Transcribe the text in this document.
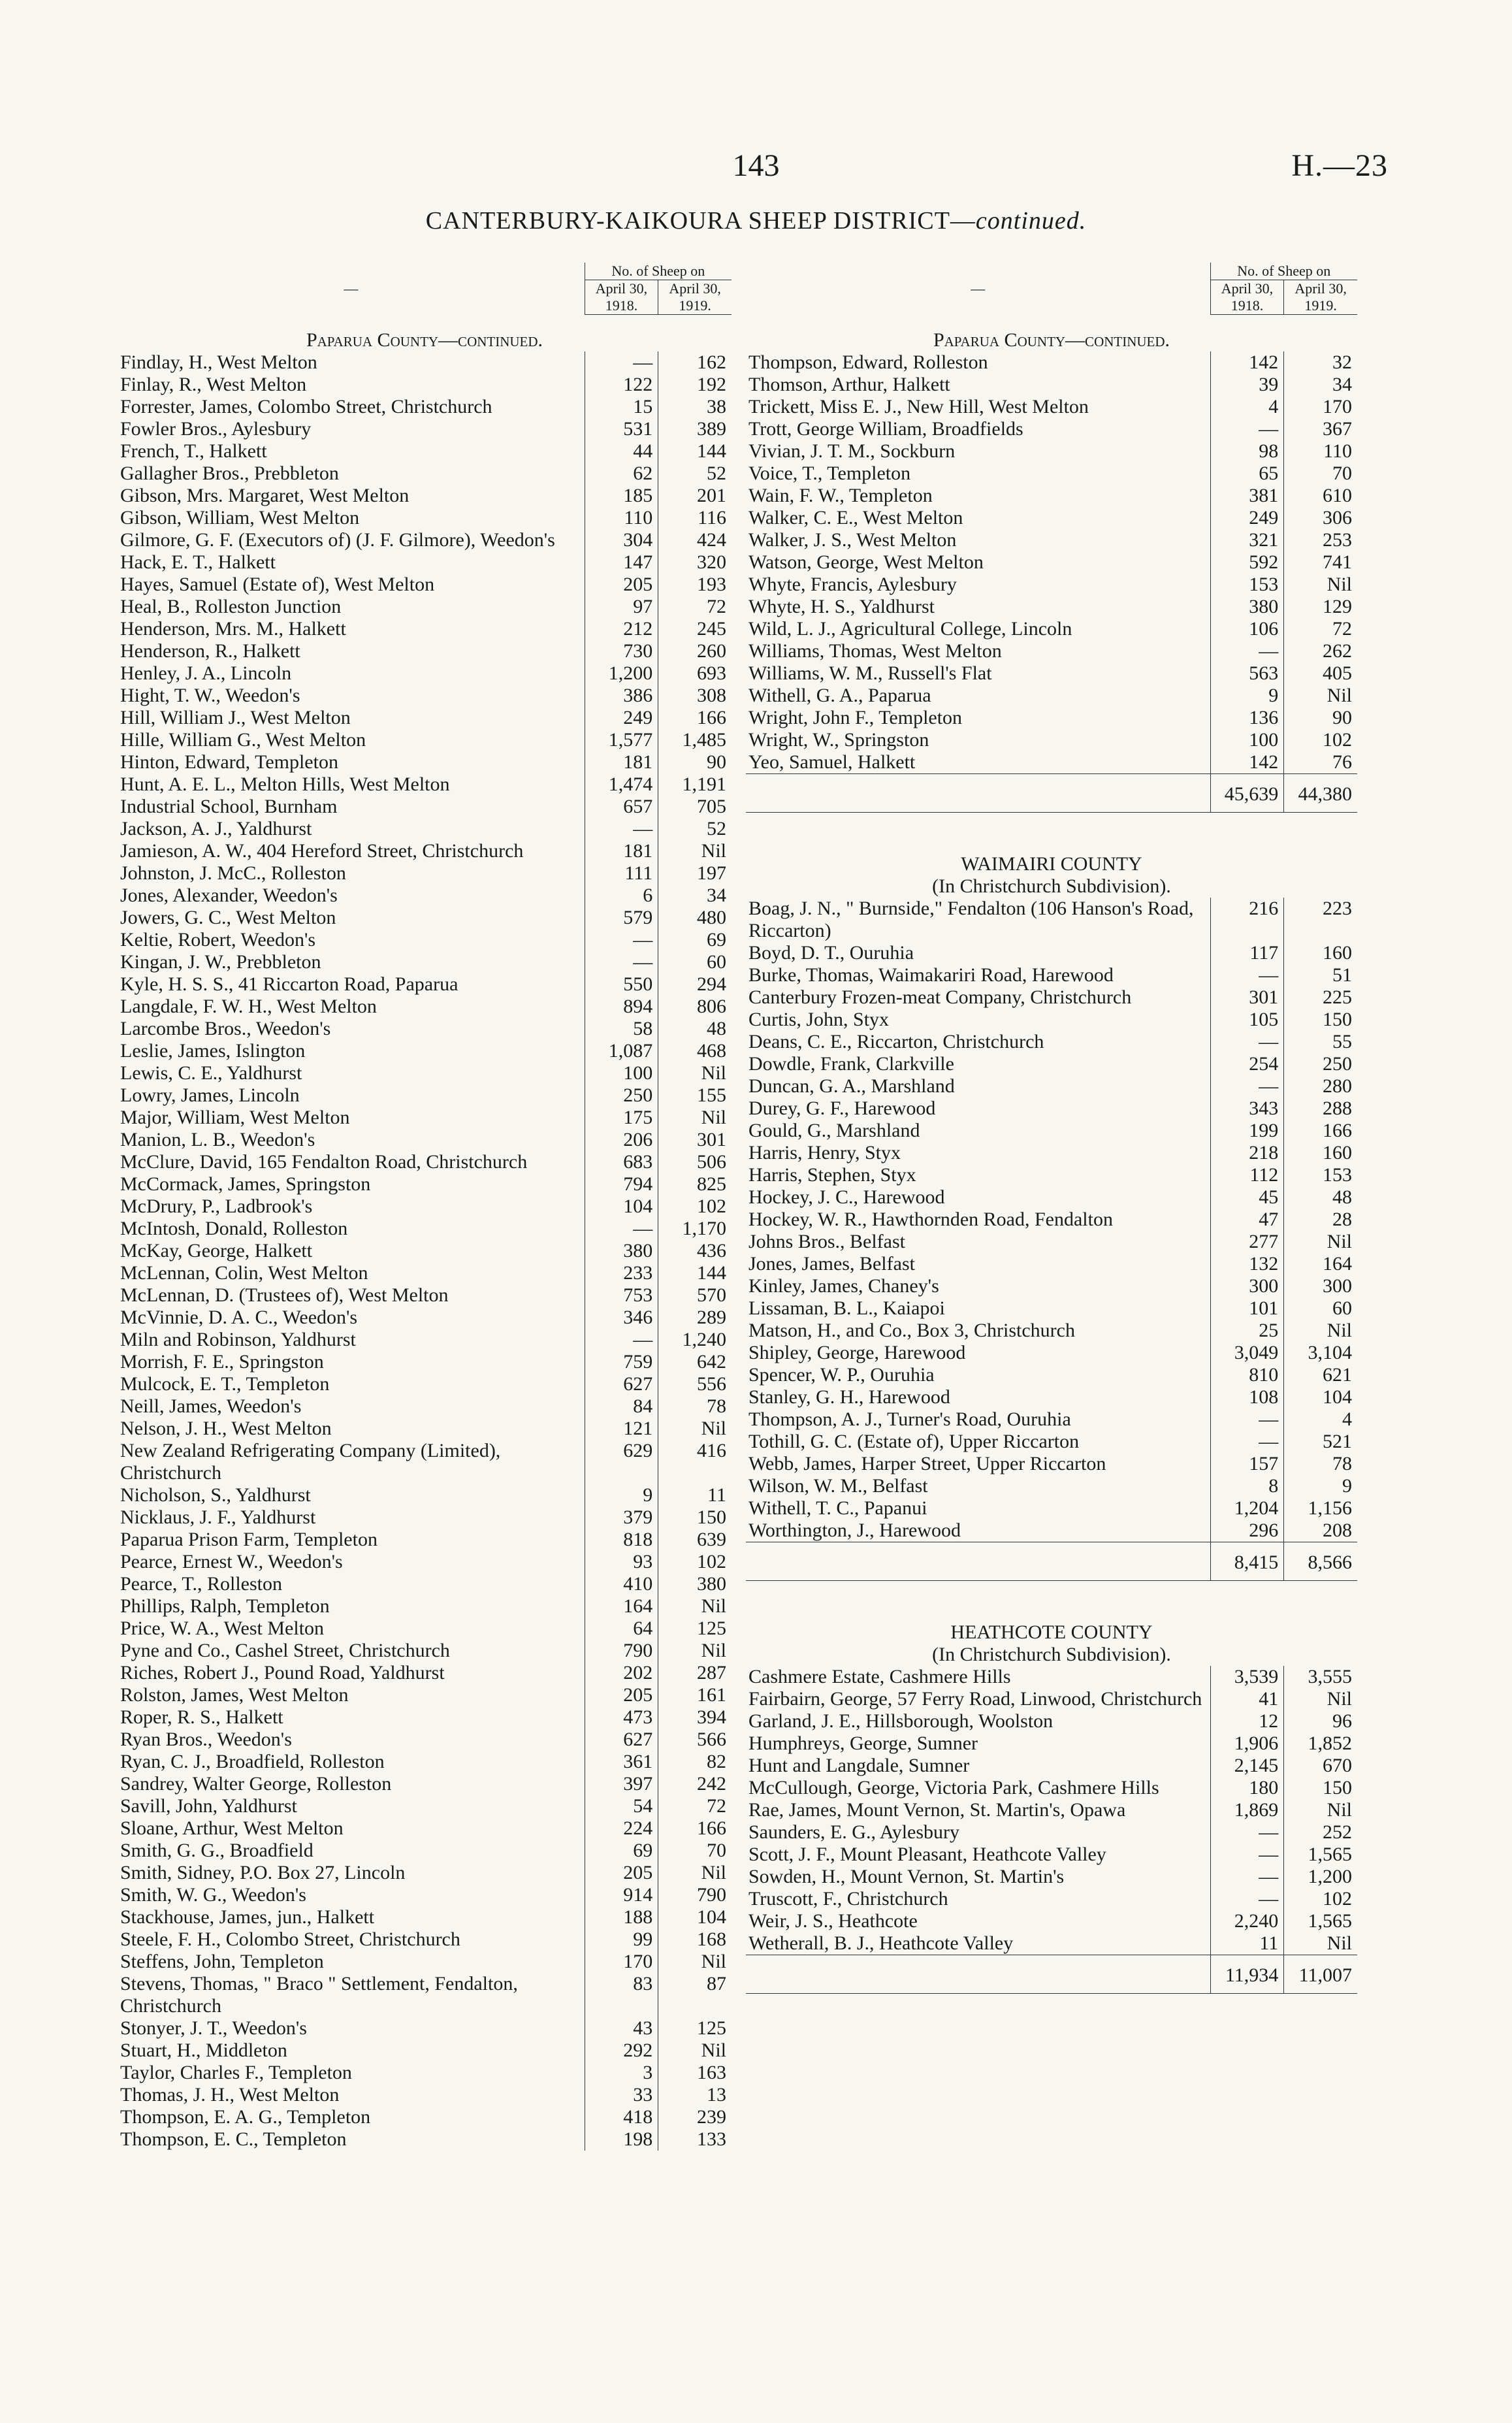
143	H.—23
CANTERBURY-KAIKOURA SHEEP DISTRICT—continued.
—	No. of Sheep on	
	April 30, 1918.	April 30, 1919.
Paparua County—continued.		
Findlay, H., West Melton	—	162
Finlay, R., West Melton	122	192
Forrester, James, Colombo Street, Christchurch	15	38
Fowler Bros., Aylesbury	531	389
French, T., Halkett	44	144
Gallagher Bros., Prebbleton	62	52
Gibson, Mrs. Margaret, West Melton	185	201
Gibson, William, West Melton	110	116
Gilmore, G. F. (Executors of) (J. F. Gilmore), Weedon's	304	424
Hack, E. T., Halkett	147	320
Hayes, Samuel (Estate of), West Melton	205	193
Heal, B., Rolleston Junction	97	72
Henderson, Mrs. M., Halkett	212	245
Henderson, R., Halkett	730	260
Henley, J. A., Lincoln	1,200	693
Hight, T. W., Weedon's	386	308
Hill, William J., West Melton	249	166
Hille, William G., West Melton	1,577	1,485
Hinton, Edward, Templeton	181	90
Hunt, A. E. L., Melton Hills, West Melton	1,474	1,191
Industrial School, Burnham	657	705
Jackson, A. J., Yaldhurst	—	52
Jamieson, A. W., 404 Hereford Street, Christchurch	181	Nil
Johnston, J. McC., Rolleston	111	197
Jones, Alexander, Weedon's	6	34
Jowers, G. C., West Melton	579	480
Keltie, Robert, Weedon's	—	69
Kingan, J. W., Prebbleton	—	60
Kyle, H. S. S., 41 Riccarton Road, Paparua	550	294
Langdale, F. W. H., West Melton	894	806
Larcombe Bros., Weedon's	58	48
Leslie, James, Islington	1,087	468
Lewis, C. E., Yaldhurst	100	Nil
Lowry, James, Lincoln	250	155
Major, William, West Melton	175	Nil
Manion, L. B., Weedon's	206	301
McClure, David, 165 Fendalton Road, Christchurch	683	506
McCormack, James, Springston	794	825
McDrury, P., Ladbrook's	104	102
McIntosh, Donald, Rolleston	—	1,170
McKay, George, Halkett	380	436
McLennan, Colin, West Melton	233	144
McLennan, D. (Trustees of), West Melton	753	570
McVinnie, D. A. C., Weedon's	346	289
Miln and Robinson, Yaldhurst	—	1,240
Morrish, F. E., Springston	759	642
Mulcock, E. T., Templeton	627	556
Neill, James, Weedon's	84	78
Nelson, J. H., West Melton	121	Nil
New Zealand Refrigerating Company (Limited), Christchurch	629	416
Nicholson, S., Yaldhurst	9	11
Nicklaus, J. F., Yaldhurst	379	150
Paparua Prison Farm, Templeton	818	639
Pearce, Ernest W., Weedon's	93	102
Pearce, T., Rolleston	410	380
Phillips, Ralph, Templeton	164	Nil
Price, W. A., West Melton	64	125
Pyne and Co., Cashel Street, Christchurch	790	Nil
Riches, Robert J., Pound Road, Yaldhurst	202	287
Rolston, James, West Melton	205	161
Roper, R. S., Halkett	473	394
Ryan Bros., Weedon's	627	566
Ryan, C. J., Broadfield, Rolleston	361	82
Sandrey, Walter George, Rolleston	397	242
Savill, John, Yaldhurst	54	72
Sloane, Arthur, West Melton	224	166
Smith, G. G., Broadfield	69	70
Smith, Sidney, P.O. Box 27, Lincoln	205	Nil
Smith, W. G., Weedon's	914	790
Stackhouse, James, jun., Halkett	188	104
Steele, F. H., Colombo Street, Christchurch	99	168
Steffens, John, Templeton	170	Nil
Stevens, Thomas, " Braco " Settlement, Fendalton, Christchurch	83	87
Stonyer, J. T., Weedon's	43	125
Stuart, H., Middleton	292	Nil
Taylor, Charles F., Templeton	3	163
Thomas, J. H., West Melton	33	13
Thompson, E. A. G., Templeton	418	239
Thompson, E. C., Templeton	198	133
—	No. of Sheep on	
	April 30, 1918.	April 30, 1919.
Paparua County—continued.		
Thompson, Edward, Rolleston	142	32
Thomson, Arthur, Halkett	39	34
Trickett, Miss E. J., New Hill, West Melton	4	170
Trott, George William, Broadfields	—	367
Vivian, J. T. M., Sockburn	98	110
Voice, T., Templeton	65	70
Wain, F. W., Templeton	381	610
Walker, C. E., West Melton	249	306
Walker, J. S., West Melton	321	253
Watson, George, West Melton	592	741
Whyte, Francis, Aylesbury	153	Nil
Whyte, H. S., Yaldhurst	380	129
Wild, L. J., Agricultural College, Lincoln	106	72
Williams, Thomas, West Melton	—	262
Williams, W. M., Russell's Flat	563	405
Withell, G. A., Paparua	9	Nil
Wright, John F., Templeton	136	90
Wright, W., Springston	100	102
Yeo, Samuel, Halkett	142	76
	45,639	44,380

WAIMAIRI COUNTY		
(In Christchurch Subdivision).		
Boag, J. N., " Burnside," Fendalton (106 Hanson's Road, Riccarton)	216	223
Boyd, D. T., Ouruhia	117	160
Burke, Thomas, Waimakariri Road, Harewood	—	51
Canterbury Frozen-meat Company, Christchurch	301	225
Curtis, John, Styx	105	150
Deans, C. E., Riccarton, Christchurch	—	55
Dowdle, Frank, Clarkville	254	250
Duncan, G. A., Marshland	—	280
Durey, G. F., Harewood	343	288
Gould, G., Marshland	199	166
Harris, Henry, Styx	218	160
Harris, Stephen, Styx	112	153
Hockey, J. C., Harewood	45	48
Hockey, W. R., Hawthornden Road, Fendalton	47	28
Johns Bros., Belfast	277	Nil
Jones, James, Belfast	132	164
Kinley, James, Chaney's	300	300
Lissaman, B. L., Kaiapoi	101	60
Matson, H., and Co., Box 3, Christchurch	25	Nil
Shipley, George, Harewood	3,049	3,104
Spencer, W. P., Ouruhia	810	621
Stanley, G. H., Harewood	108	104
Thompson, A. J., Turner's Road, Ouruhia	—	4
Tothill, G. C. (Estate of), Upper Riccarton	—	521
Webb, James, Harper Street, Upper Riccarton	157	78
Wilson, W. M., Belfast	8	9
Withell, T. C., Papanui	1,204	1,156
Worthington, J., Harewood	296	208
	8,415	8,566

HEATHCOTE COUNTY		
(In Christchurch Subdivision).		
Cashmere Estate, Cashmere Hills	3,539	3,555
Fairbairn, George, 57 Ferry Road, Linwood, Christchurch	41	Nil
Garland, J. E., Hillsborough, Woolston	12	96
Humphreys, George, Sumner	1,906	1,852
Hunt and Langdale, Sumner	2,145	670
McCullough, George, Victoria Park, Cashmere Hills	180	150
Rae, James, Mount Vernon, St. Martin's, Opawa	1,869	Nil
Saunders, E. G., Aylesbury	—	252
Scott, J. F., Mount Pleasant, Heathcote Valley	—	1,565
Sowden, H., Mount Vernon, St. Martin's	—	1,200
Truscott, F., Christchurch	—	102
Weir, J. S., Heathcote	2,240	1,565
Wetherall, B. J., Heathcote Valley	11	Nil
	11,934	11,007
